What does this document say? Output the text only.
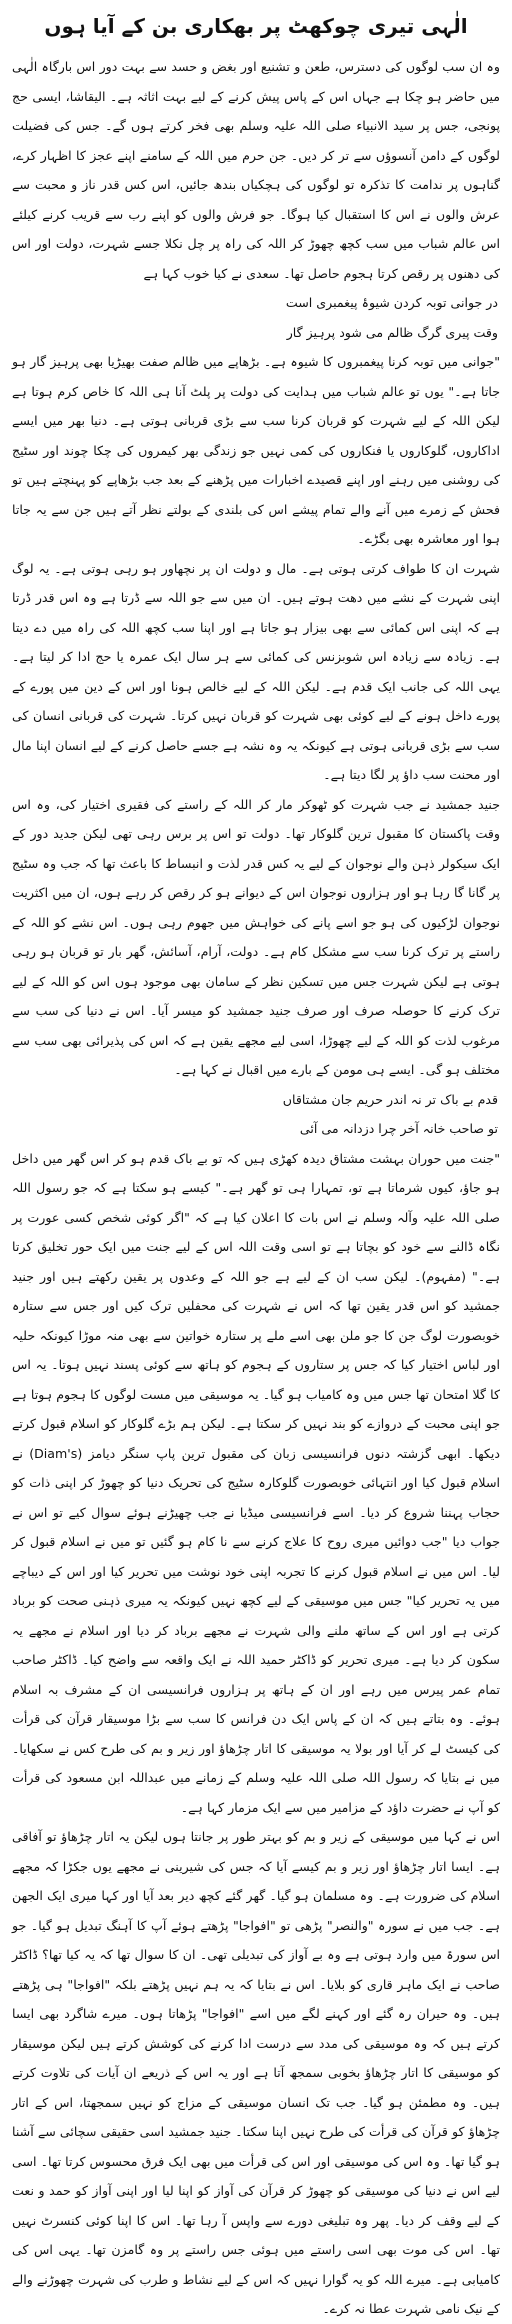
الٰہی تیری چوکھٹ پر بھکاری بن کے آیا ہوں

وہ ان سب لوگوں کی دسترس، طعن و تشنیع اور بغض و حسد سے بہت دور اس بارگاہ الٰہی میں حاضر ہو چکا ہے جہاں اس کے پاس پیش کرنے کے لیے بہت اثاثہ ہے۔ الیقاشا، ایسی حج پونجی، جس پر سید الانبیاء صلی اللہ علیہ وسلم بھی فخر کرتے ہوں گے۔ جس کی فضیلت لوگوں کے دامن آنسوؤں سے تر کر دیں۔ جن حرم میں اللہ کے سامنے اپنے عجز کا اظہار کرے، گناہوں پر ندامت کا تذکرہ تو لوگوں کی ہچکیاں بندھ جائیں، اس کس قدر ناز و محبت سے عرش والوں نے اس کا استقبال کیا ہوگا۔ جو فرش والوں کو اپنے رب سے قریب کرنے کیلئے اس عالم شباب میں سب کچھ چھوڑ کر اللہ کی راہ پر چل نکلا جسے شہرت، دولت اور اس کی دھنوں پر رقص کرتا ہجوم حاصل تھا۔ سعدی نے کیا خوب کہا ہے

در جوانی توبہ کردن شیوۂ پیغمبری است

وقت پیری گرگ ظالم می شود پرہیز گار

"جوانی میں توبہ کرنا پیغمبروں کا شیوہ ہے۔ بڑھاپے میں ظالم صفت بھیڑیا بھی پرہیز گار ہو جاتا ہے۔" یوں تو عالم شباب میں ہدایت کی دولت پر پلٹ آنا ہی اللہ کا خاص کرم ہوتا ہے لیکن اللہ کے لیے شہرت کو قربان کرنا سب سے بڑی قربانی ہوتی ہے۔ دنیا بھر میں ایسے اداکاروں، گلوکاروں یا فنکاروں کی کمی نہیں جو زندگی بھر کیمروں کی چکا چوند اور سٹیج کی روشنی میں رہنے اور اپنے قصیدے اخبارات میں پڑھنے کے بعد جب بڑھاپے کو پہنچتے ہیں تو فحش کے زمرے میں آنے والے تمام پیشے اس کی بلندی کے بولتے نظر آتے ہیں جن سے یہ جاتا ہوا اور معاشرہ بھی بگڑے۔

شہرت ان کا طواف کرتی ہوتی ہے۔ مال و دولت ان پر نچھاور ہو رہی ہوتی ہے۔ یہ لوگ اپنی شہرت کے نشے میں دھت ہوتے ہیں۔ ان میں سے جو اللہ سے ڈرتا ہے وہ اس قدر ڈرتا ہے کہ اپنی اس کمائی سے بھی بیزار ہو جاتا ہے اور اپنا سب کچھ اللہ کی راہ میں دے دیتا ہے۔ زیادہ سے زیادہ اس شوبزنس کی کمائی سے ہر سال ایک عمرہ یا حج ادا کر لیتا ہے۔ یہی اللہ کی جانب ایک قدم ہے۔ لیکن اللہ کے لیے خالص ہونا اور اس کے دین میں پورے کے پورے داخل ہونے کے لیے کوئی بھی شہرت کو قربان نہیں کرتا۔ شہرت کی قربانی انسان کی سب سے بڑی قربانی ہوتی ہے کیونکہ یہ وہ نشہ ہے جسے حاصل کرنے کے لیے انسان اپنا مال اور محنت سب داؤ پر لگا دیتا ہے۔

جنید جمشید نے جب شہرت کو ٹھوکر مار کر اللہ کے راستے کی فقیری اختیار کی، وہ اس وقت پاکستان کا مقبول ترین گلوکار تھا۔ دولت تو اس پر برس رہی تھی لیکن جدید دور کے ایک سیکولر ذہن والے نوجوان کے لیے یہ کس قدر لذت و انبساط کا باعث تھا کہ جب وہ سٹیج پر گانا گا رہا ہو اور ہزاروں نوجوان اس کے دیوانے ہو کر رقص کر رہے ہوں، ان میں اکثریت نوجوان لڑکیوں کی ہو جو اسے پانے کی خواہش میں جھوم رہی ہوں۔ اس نشے کو اللہ کے راستے پر ترک کرنا سب سے مشکل کام ہے۔ دولت، آرام، آسائش، گھر بار تو قربان ہو رہی ہوتی ہے لیکن شہرت جس میں تسکین نظر کے سامان بھی موجود ہوں اس کو اللہ کے لیے ترک کرنے کا حوصلہ صرف اور صرف جنید جمشید کو میسر آیا۔ اس نے دنیا کی سب سے مرغوب لذت کو اللہ کے لیے چھوڑا، اسی لیے مجھے یقین ہے کہ اس کی پذیرائی بھی سب سے مختلف ہو گی۔ ایسے ہی مومن کے بارے میں اقبال نے کہا ہے۔

قدم بے باک تر نہ اندر حریم جان مشتاقاں

تو صاحب خانہ آخر چرا دزدانہ می آئی

"جنت میں حوران بہشت مشتاق دیدہ کھڑی ہیں کہ تو بے باک قدم ہو کر اس گھر میں داخل ہو جاؤ، کیوں شرماتا ہے تو، تمہارا ہی تو گھر ہے۔" کیسے ہو سکتا ہے کہ جو رسول اللہ صلی اللہ علیہ وآلہ وسلم نے اس بات کا اعلان کیا ہے کہ "اگر کوئی شخص کسی عورت پر نگاہ ڈالنے سے خود کو بچاتا ہے تو اسی وقت اللہ اس کے لیے جنت میں ایک حور تخلیق کرتا ہے۔" (مفہوم)۔ لیکن سب ان کے لیے ہے جو اللہ کے وعدوں پر یقین رکھتے ہیں اور جنید جمشید کو اس قدر یقین تھا کہ اس نے شہرت کی محفلیں ترک کیں اور جس سے ستارہ خوبصورت لوگ جن کا جو ملن بھی اسے ملے پر ستارہ خواتین سے بھی منہ موڑا کیونکہ حلیہ اور لباس اختیار کیا کہ جس پر ستاروں کے ہجوم کو ہاتھ سے کوئی پسند نہیں ہوتا۔ یہ اس کا گلا امتحان تھا جس میں وہ کامیاب ہو گیا۔ یہ موسیقی میں مست لوگوں کا ہجوم ہوتا ہے جو اپنی محبت کے دروازے کو بند نہیں کر سکتا ہے۔ لیکن ہم بڑے گلوکار کو اسلام قبول کرتے دیکھا۔ ابھی گزشتہ دنوں فرانسیسی زبان کی مقبول ترین پاپ سنگر دیامز (Diam's) نے اسلام قبول کیا اور انتہائی خوبصورت گلوکارہ سٹیج کی تحریک دنیا کو چھوڑ کر اپنی ذات کو حجاب پہننا شروع کر دیا۔ اسے فرانسیسی میڈیا نے جب چھیڑنے ہوئے سوال کیے تو اس نے جواب دیا "جب دوائیں میری روح کا علاج کرنے سے نا کام ہو گئیں تو میں نے اسلام قبول کر لیا۔ اس میں نے اسلام قبول کرنے کا تجربہ اپنی خود نوشت میں تحریر کیا اور اس کے دیباچے میں یہ تحریر کیا" جس میں موسیقی کے لیے کچھ نہیں کیونکہ یہ میری ذہنی صحت کو برباد کرتی ہے اور اس کے ساتھ ملنے والی شہرت نے مجھے برباد کر دیا اور اسلام نے مجھے یہ سکون کر دیا ہے۔ میری تحریر کو ڈاکٹر حمید اللہ نے ایک واقعہ سے واضح کیا۔ ڈاکٹر صاحب تمام عمر پیرس میں رہے اور ان کے ہاتھ پر ہزاروں فرانسیسی ان کے مشرف بہ اسلام ہوئے۔ وہ بتاتے ہیں کہ ان کے پاس ایک دن فرانس کا سب سے بڑا موسیقار قرآن کی قرأت کی کیسٹ لے کر آیا اور بولا یہ موسیقی کا اتار چڑھاؤ اور زیر و بم کی طرح کس نے سکھایا۔ میں نے بتایا کہ رسول اللہ صلی اللہ علیہ وسلم کے زمانے میں عبداللہ ابن مسعود کی قرأت کو آپ نے حضرت داؤد کے مزامیر میں سے ایک مزمار کہا ہے۔

اس نے کہا میں موسیقی کے زیر و بم کو بہتر طور پر جانتا ہوں لیکن یہ اتار چڑھاؤ تو آفاقی ہے۔ ایسا اتار چڑھاؤ اور زیر و بم کیسے آیا کہ جس کی شیرینی نے مجھے یوں جکڑا کہ مجھے اسلام کی ضرورت ہے۔ وہ مسلمان ہو گیا۔ گھر گئے کچھ دیر بعد آیا اور کہا میری ایک الجھن ہے۔ جب میں نے سورہ "والنصر" پڑھی تو "افواجا" پڑھتے ہوئے آپ کا آہنگ تبدیل ہو گیا۔ جو اس سورۃ میں وارد ہوتی ہے وہ بے آواز کی تبدیلی تھی۔ ان کا سوال تھا کہ یہ کیا تھا؟ ڈاکٹر صاحب نے ایک ماہر قاری کو بلایا۔ اس نے بتایا کہ یہ ہم نہیں پڑھتے بلکہ "افواجا" ہی پڑھتے ہیں۔ وہ حیران رہ گئے اور کہنے لگے میں اسے "افواجا" پڑھاتا ہوں۔ میرے شاگرد بھی ایسا کرتے ہیں کہ وہ موسیقی کی مدد سے درست ادا کرنے کی کوشش کرتے ہیں لیکن موسیقار کو موسیقی کا اتار چڑھاؤ بخوبی سمجھ آتا ہے اور یہ اس کے ذریعے ان آیات کی تلاوت کرتے ہیں۔ وہ مطمئن ہو گیا۔ جب تک انسان موسیقی کے مزاج کو نہیں سمجھتا، اس کے اتار چڑھاؤ کو قرآن کی قرأت کی طرح نہیں اپنا سکتا۔ جنید جمشید اسی حقیقی سچائی سے آشنا ہو گیا تھا۔ وہ اس کی موسیقی اور اس کی قرأت میں بھی ایک فرق محسوس کرتا تھا۔ اسی لیے اس نے دنیا کی موسیقی کو چھوڑ کر قرآن کی آواز کو اپنا لیا اور اپنی آواز کو حمد و نعت کے لیے وقف کر دیا۔ پھر وہ تبلیغی دورے سے واپس آ رہا تھا۔ اس کا اپنا کوئی کنسرٹ نہیں تھا۔ اس کی موت بھی اسی راستے میں ہوئی جس راستے پر وہ گامزن تھا۔ یہی اس کی کامیابی ہے۔ میرے اللہ کو یہ گوارا نہیں کہ اس کے لیے نشاط و طرب کی شہرت چھوڑنے والے کے نیک نامی شہرت عطا نہ کرے۔
